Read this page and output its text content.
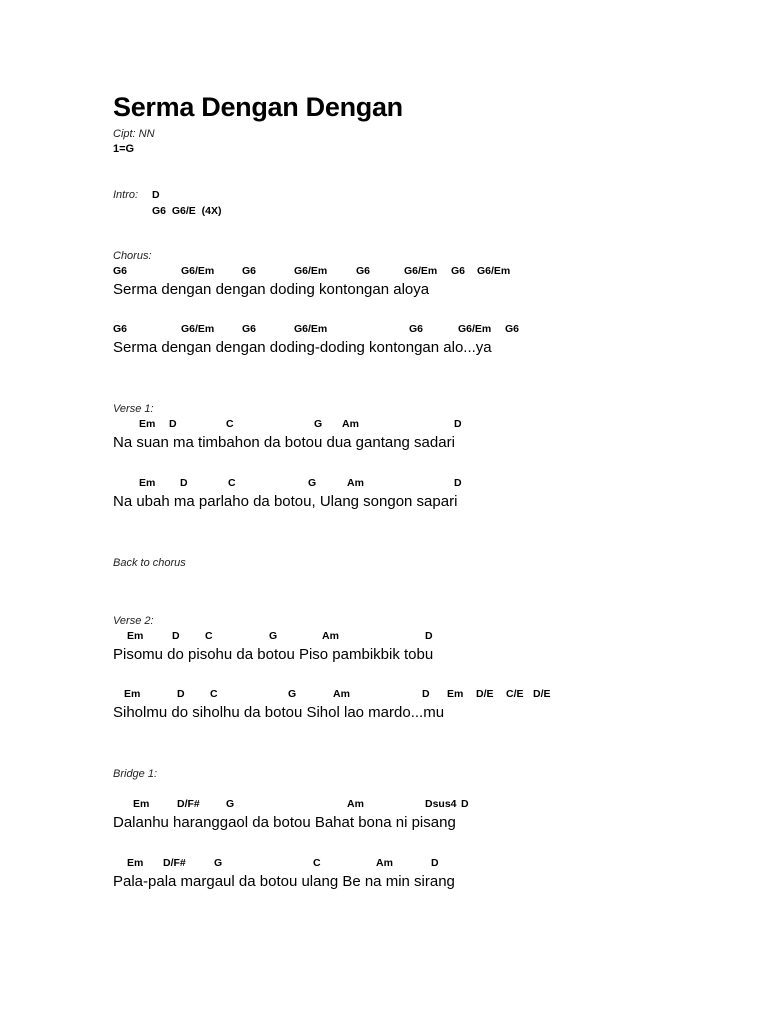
Serma Dengan Dengan
Cipt: NN
1=G
Intro: D
G6  G6/E  (4X)
Chorus:
G6	G6/Em	G6	G6/Em	G6	G6/Em G6 G6/Em
Serma dengan dengan doding kontongan aloya
G6	G6/Em	G6	G6/Em	G6	G6/Em G6
Serma dengan dengan doding-doding kontongan alo...ya
Verse 1:
Em D	C	G Am	D
Na suan ma timbahon da botou dua gantang sadari
Em D	C	G	Am	D
Na ubah ma parlaho da botou, Ulang songon sapari
Back to chorus
Verse 2:
Em	D C	G	Am	D
Pisomu do pisohu da botou Piso pambikbik tobu
Em	D C	G	Am	D Em D/E C/E D/E
Siholmu do siholhu da botou Sihol lao mardo...mu
Bridge 1:
Em	D/F# G	Am	Dsus4 D
Dalanhu haranggaol da botou Bahat bona ni pisang
Em D/F#	G	C	Am	D
Pala-pala margaul da botou ulang Be na min sirang
